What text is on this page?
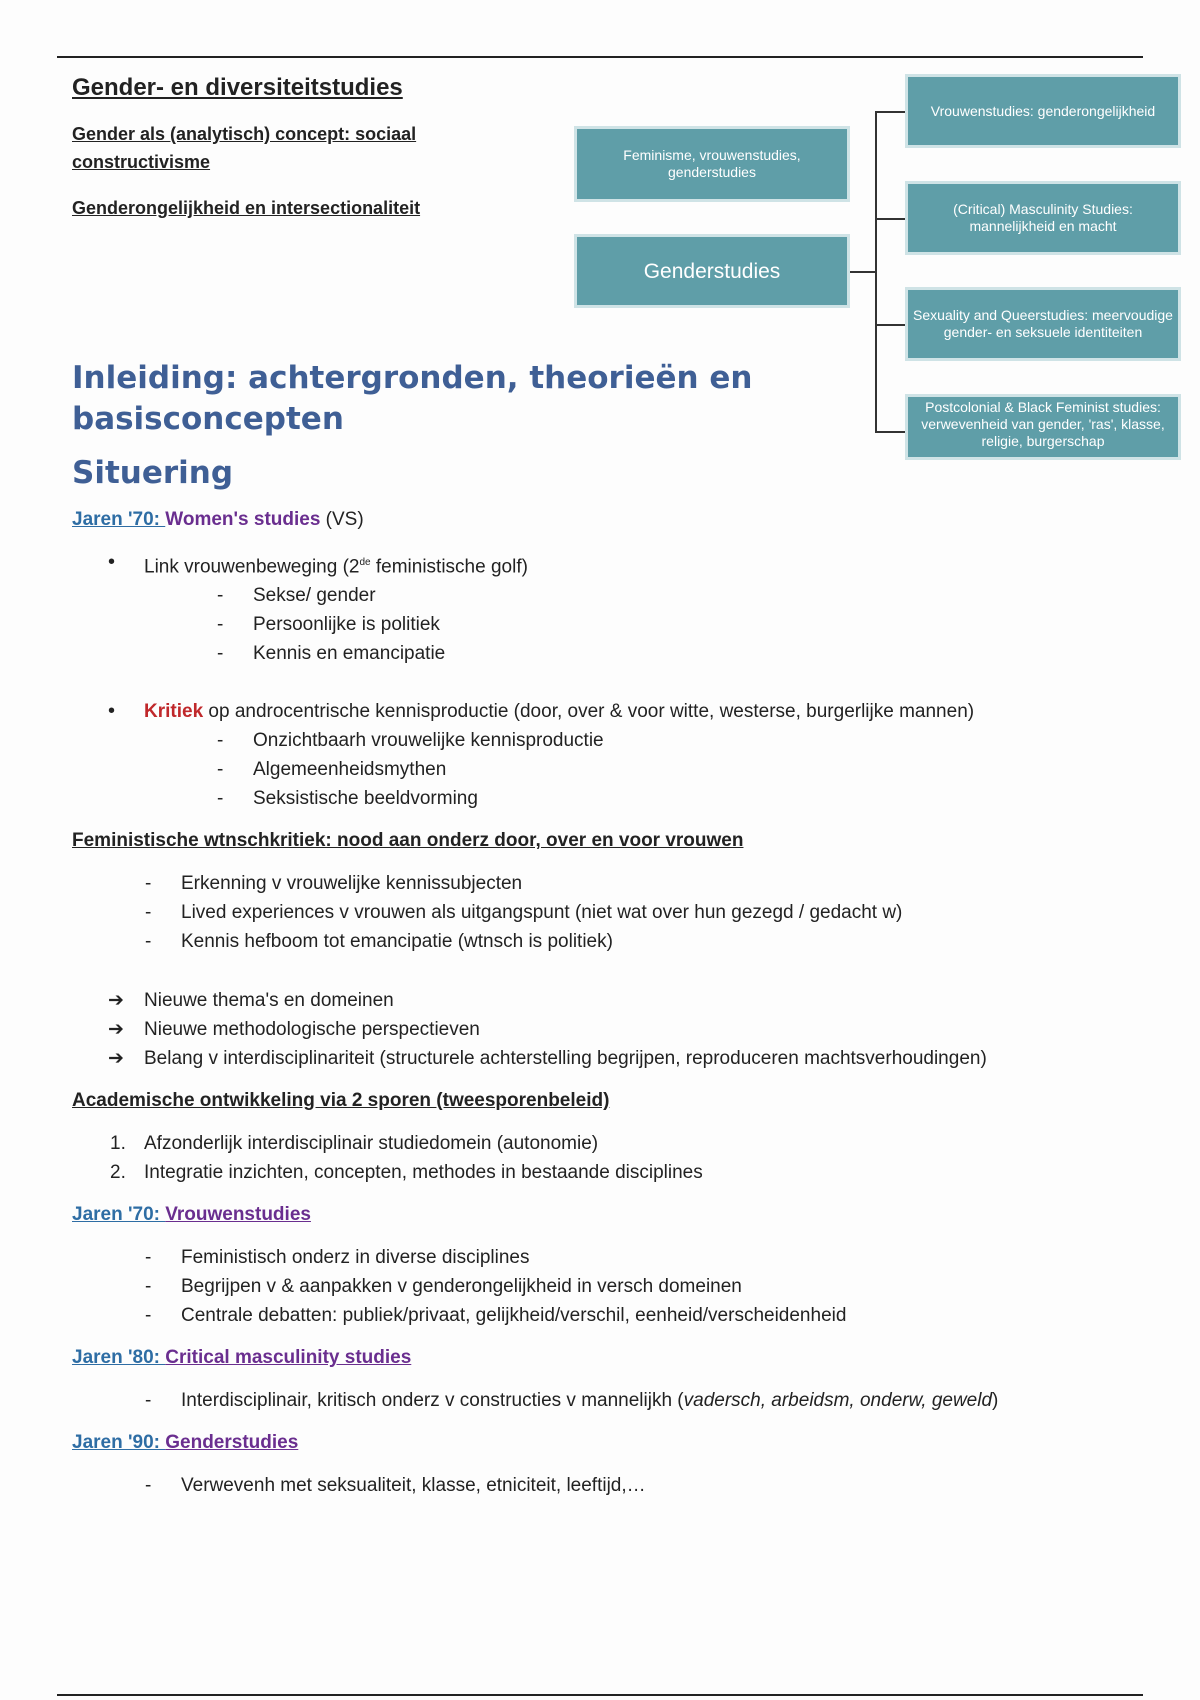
Gender- en diversiteitstudies

Gender als (analytisch) concept: sociaal constructivisme

Genderongelijkheid en intersectionaliteit

Feminisme, vrouwenstudies, genderstudies
Genderstudies
Vrouwenstudies: genderongelijkheid
(Critical) Masculinity Studies: mannelijkheid en macht
Sexuality and Queerstudies: meervoudige gender- en seksuele identiteiten
Postcolonial & Black Feminist studies: verwevenheid van gender, 'ras', klasse, religie, burgerschap
Inleiding: achtergronden, theorieën en basisconcepten
Situering

Jaren '70: Women's studies (VS)

• Link vrouwenbeweging (2de feministische golf)
- Sekse/ gender
- Persoonlijke is politiek
- Kennis en emancipatie
• Kritiek op androcentrische kennisproductie (door, over & voor witte, westerse, burgerlijke mannen)
- Onzichtbaarh vrouwelijke kennisproductie
- Algemeenheidsmythen
- Seksistische beeldvorming

Feministische wtnschkritiek: nood aan onderz door, over en voor vrouwen

- Erkenning v vrouwelijke kennissubjecten
- Lived experiences v vrouwen als uitgangspunt (niet wat over hun gezegd / gedacht w)
- Kennis hefboom tot emancipatie (wtnsch is politiek)
➔ Nieuwe thema's en domeinen
➔ Nieuwe methodologische perspectieven
➔ Belang v interdisciplinariteit (structurele achterstelling begrijpen, reproduceren machtsverhoudingen)

Academische ontwikkeling via 2 sporen (tweesporenbeleid)

1. Afzonderlijk interdisciplinair studiedomein (autonomie)
2. Integratie inzichten, concepten, methodes in bestaande disciplines

Jaren '70: Vrouwenstudies

- Feministisch onderz in diverse disciplines
- Begrijpen v & aanpakken v genderongelijkheid in versch domeinen
- Centrale debatten: publiek/privaat, gelijkheid/verschil, eenheid/verscheidenheid

Jaren '80: Critical masculinity studies

- Interdisciplinair, kritisch onderz v constructies v mannelijkh (vadersch, arbeidsm, onderw, geweld)

Jaren '90: Genderstudies

- Verwevenh met seksualiteit, klasse, etniciteit, leeftijd,…
